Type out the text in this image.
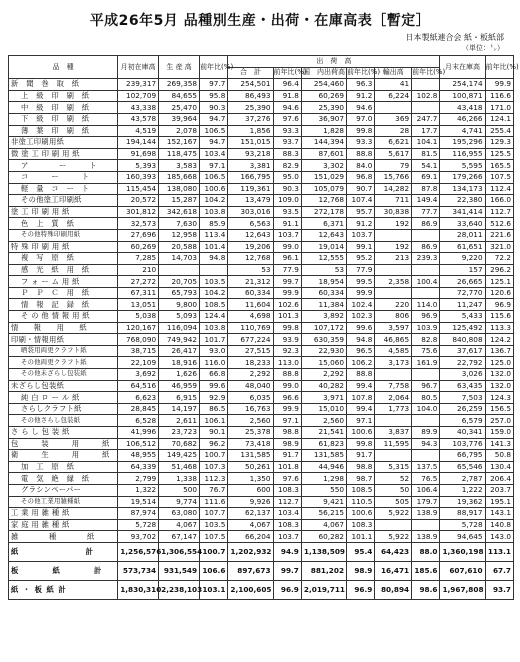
平成26年5月 品種別生産・出荷・在庫高表［暫定］
日本製紙連合会 紙・板紙部
（単位：㌧）
品　種	月初在庫高	生 産 高	前年比(%)	出　荷　高						月末在庫高	前年比(%)
				合　計	前年比(%)	国　内出荷高	前年比(%)	輸出高	前年比(%)		
新　聞　巻　取　紙	239,317	269,358	97.7	254,501	96.4	254,460	96.3	41		254,174	99.9
上　級　印　刷　紙	102,709	84,655	95.8	86,493	91.8	60,269	91.2	6,224	102.8	100,871	116.6
中　級　印　刷　紙	43,338	25,470	90.3	25,390	94.6	25,390	94.6			43,418	171.0
下　級　印　刷　紙	43,578	39,964	94.7	37,276	97.6	36,907	97.0	369	247.7	46,266	124.1
薄　葉　印　刷　紙	4,519	2,078	106.5	1,856	93.3	1,828	99.8	28	17.7	4,741	255.4
非塗工印刷用紙	194,144	152,167	94.7	151,015	93.7	144,394	93.3	6,621	104.1	195,296	129.3
微 塗 工 印 刷 用 紙	91,698	118,475	103.4	93,218	88.3	87,601	88.8	5,617	81.5	116,955	125.5
ア　　　　ー　　　ト	5,393	3,583	97.1	3,381	82.9	3,302	84.0	79	54.1	5,595	165.5
コ　　　ー　　　ト	160,393	185,668	106.5	166,795	95.0	151,029	96.8	15,766	69.1	179,266	107.5
軽　量　コ　ー　ト	115,454	138,080	100.6	119,361	90.3	105,079	90.7	14,282	87.8	134,173	112.4
その他塗工印刷紙	20,572	15,287	104.2	13,479	109.0	12,768	107.4	711	149.4	22,380	166.0
塗 工 印 刷 用 紙	301,812	342,618	103.8	303,016	93.5	272,178	95.7	30,838	77.7	341,414	112.7
色　上　質　紙	32,573	7,630	85.9	6,563	91.1	6,371	91.2	192	86.9	33,640	512.6
その他特殊印刷用紙	27,696	12,958	113.4	12,643	103.7	12,643	103.7			28,011	221.6
特 殊 印 刷 用 紙	60,269	20,588	101.4	19,206	99.0	19,014	99.1	192	86.9	61,651	321.0
複　写　原　紙	7,285	14,703	94.8	12,768	96.1	12,555	95.2	213	239.3	9,220	72.2
感　光　紙　用　紙	210			53	77.9	53	77.9			157	296.2
フ ォ ー ム 用 紙	27,272	20,705	103.5	21,312	99.7	18,954	99.5	2,358	100.4	26,665	125.1
Ｐ　Ｐ　Ｃ　用　紙	67,311	65,793	104.2	60,334	99.9	60,334	99.9			72,770	120.6
情　報　記　録　紙	13,051	9,800	108.5	11,604	102.6	11,384	102.4	220	114.0	11,247	96.9
そ の 他 情 報 用 紙	5,038	5,093	124.4	4,698	101.3	3,892	102.3	806	96.9	5,433	115.6
情　　報　　用　　紙	120,167	116,094	103.8	110,769	99.8	107,172	99.6	3,597	103.9	125,492	113.3
印刷・情報用紙	768,090	749,942	101.7	677,224	93.9	630,359	94.8	46,865	82.8	840,808	124.2
晒袋用両更クラフト紙	38,715	26,417	93.0	27,515	92.3	22,930	96.5	4,585	75.6	37,617	136.7
その他両更クラフト紙	22,109	18,916	116.0	18,233	113.0	15,060	106.2	3,173	161.9	22,792	125.0
その他未ざらし包装紙	3,692	1,626	66.8	2,292	88.8	2,292	88.8			3,026	132.0
未ざらし包装紙	64,516	46,959	99.6	48,040	99.0	40,282	99.4	7,758	96.7	63,435	132.0
純 白 ロ ー ル 紙	6,623	6,915	92.9	6,035	96.6	3,971	107.8	2,064	80.5	7,503	124.3
さらしクラフト紙	28,845	14,197	86.5	16,763	99.9	15,010	99.4	1,773	104.0	26,259	156.5
その他さらし包装紙	6,528	2,611	106.1	2,560	97.1	2,560	97.1			6,579	257.0
さ ら し 包 装 紙	41,996	23,723	90.1	25,378	98.8	21,541	100.6	3,837	89.9	40,341	159.0
包　　　装　　　用　　　紙	106,512	70,682	96.2	73,418	98.9	61,823	99.8	11,595	94.3	103,776	141.3
衛　　　生　　　用　　　紙	48,955	149,425	100.7	131,585	91.7	131,585	91.7			66,795	50.8
加　工　原　紙	64,339	51,468	107.3	50,261	101.8	44,946	98.8	5,315	137.5	65,546	130.4
電　気　絶　縁　紙	2,799	1,338	112.3	1,350	97.6	1,298	98.7	52	76.5	2,787	206.4
グラシンペーパー	1,322	500	76.7	600	108.3	550	108.5	50	106.4	1,222	203.7
その他工業用雑種紙	19,514	9,774	111.6	9,926	112.7	9,421	110.5	505	179.7	19,362	195.1
工 業 用 雑 種 紙	87,974	63,080	107.7	62,137	103.4	56,215	100.6	5,922	138.9	88,917	143.1
家 庭 用 雑 種 紙	5,728	4,067	103.5	4,067	108.3	4,067	108.3			5,728	140.8
雑　　　　種　　　　紙	93,702	67,147	107.5	66,204	103.7	60,282	101.1	5,922	138.9	94,645	143.0
紙　　　　　　　　計	1,256,576	1,306,554	100.7	1,202,932	94.9	1,138,509	95.4	64,423	88.0	1,360,198	113.1
板　　　　紙　　　　計	573,734	931,549	106.6	897,673	99.7	881,202	98.9	16,471	185.6	607,610	67.7
紙 ・ 板 紙 計	1,830,310	2,238,103	103.1	2,100,605	96.9	2,019,711	96.9	80,894	98.6	1,967,808	93.7
